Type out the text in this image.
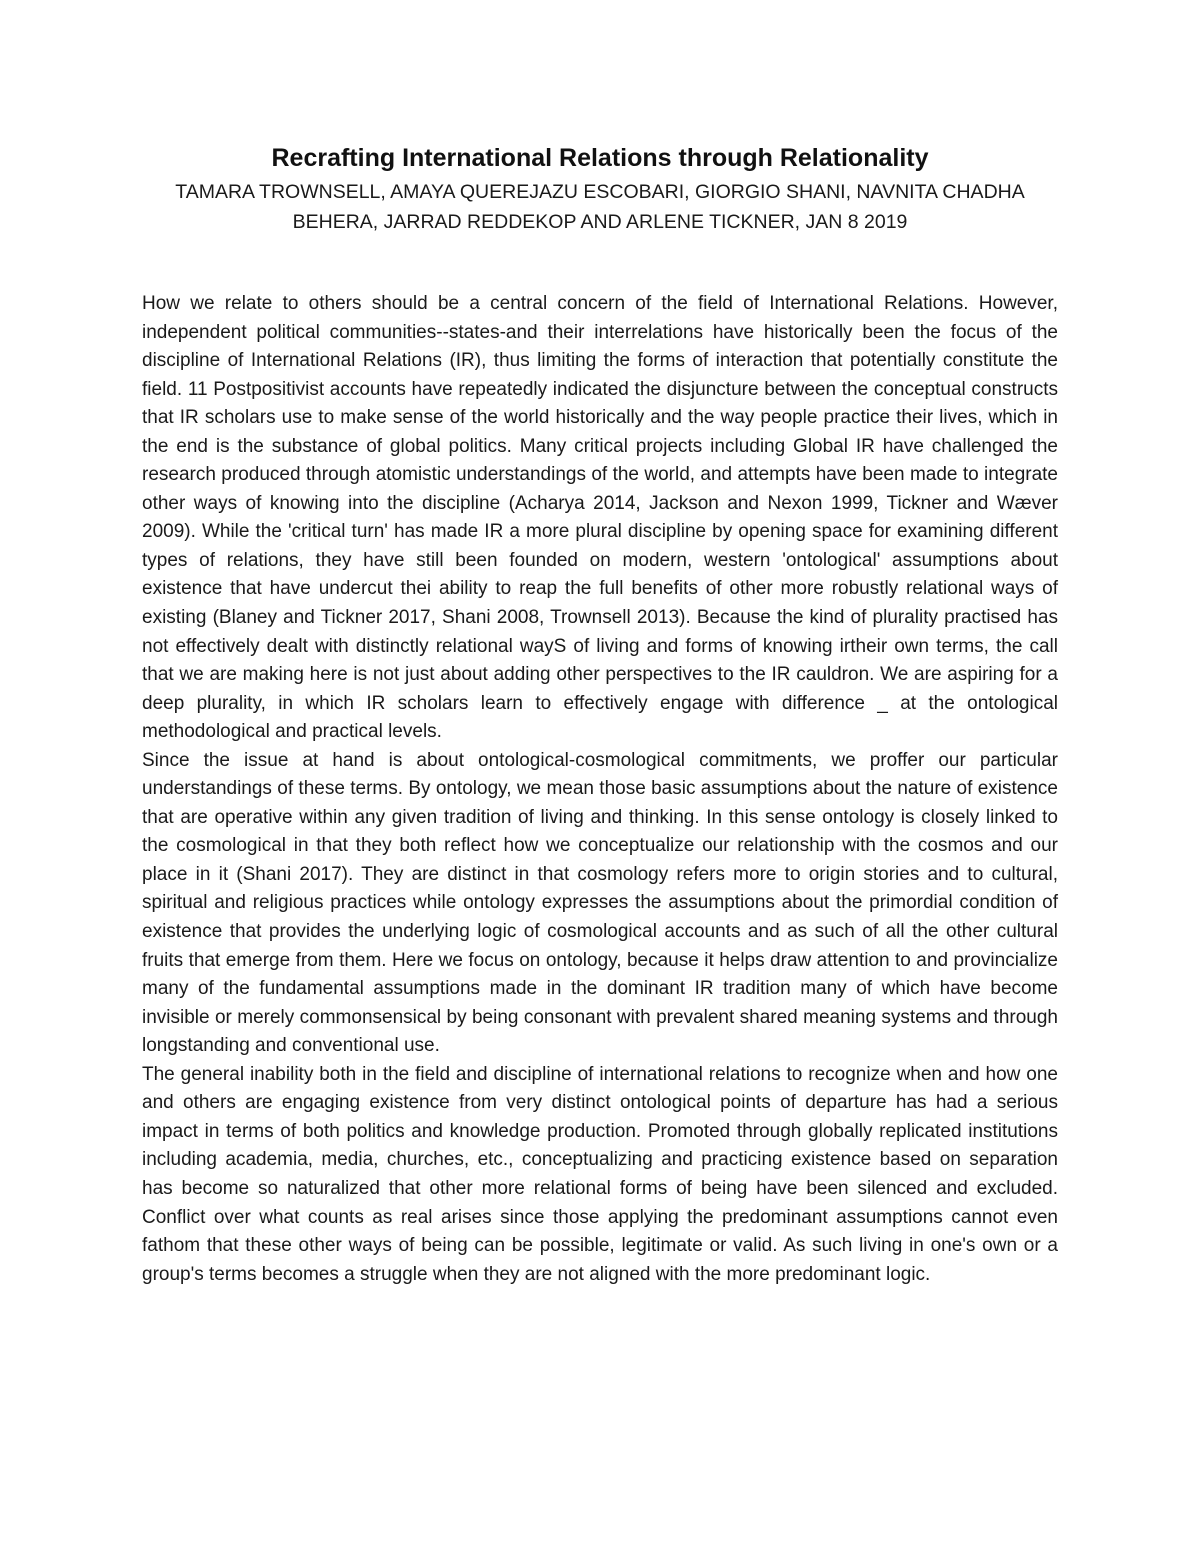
Recrafting International Relations through Relationality

TAMARA TROWNSELL, AMAYA QUEREJAZU ESCOBARI, GIORGIO SHANI, NAVNITA CHADHA BEHERA, JARRAD REDDEKOP AND ARLENE TICKNER, JAN 8 2019

How we relate to others should be a central concern of the field of International Relations. However, independent political communities--states-and their interrelations have historically been the focus of the discipline of International Relations (IR), thus limiting the forms of interaction that potentially constitute the field. 11 Postpositivist accounts have repeatedly indicated the disjuncture between the conceptual constructs that IR scholars use to make sense of the world historically and the way people practice their lives, which in the end is the substance of global politics. Many critical projects including Global IR have challenged the research produced through atomistic understandings of the world, and attempts have been made to integrate other ways of knowing into the discipline (Acharya 2014, Jackson and Nexon 1999, Tickner and Wæver 2009). While the 'critical turn' has made IR a more plural discipline by opening space for examining different types of relations, they have still been founded on modern, western 'ontological' assumptions about existence that have undercut thei ability to reap the full benefits of other more robustly relational ways of existing (Blaney and Tickner 2017, Shani 2008, Trownsell 2013). Because the kind of plurality practised has not effectively dealt with distinctly relational wayS of living and forms of knowing irtheir own terms, the call that we are making here is not just about adding other perspectives to the IR cauldron. We are aspiring for a deep plurality, in which IR scholars learn to effectively engage with difference _ at the ontological methodological and practical levels.

Since the issue at hand is about ontological-cosmological commitments, we proffer our particular understandings of these terms. By ontology, we mean those basic assumptions about the nature of existence that are operative within any given tradition of living and thinking. In this sense ontology is closely linked to the cosmological in that they both reflect how we conceptualize our relationship with the cosmos and our place in it (Shani 2017). They are distinct in that cosmology refers more to origin stories and to cultural, spiritual and religious practices while ontology expresses the assumptions about the primordial condition of existence that provides the underlying logic of cosmological accounts and as such of all the other cultural fruits that emerge from them. Here we focus on ontology, because it helps draw attention to and provincialize many of the fundamental assumptions made in the dominant IR tradition many of which have become invisible or merely commonsensical by being consonant with prevalent shared meaning systems and through longstanding and conventional use.

The general inability both in the field and discipline of international relations to recognize when and how one and others are engaging existence from very distinct ontological points of departure has had a serious impact in terms of both politics and knowledge production. Promoted through globally replicated institutions including academia, media, churches, etc., conceptualizing and practicing existence based on separation has become so naturalized that other more relational forms of being have been silenced and excluded. Conflict over what counts as real arises since those applying the predominant assumptions cannot even fathom that these other ways of being can be possible, legitimate or valid. As such living in one's own or a group's terms becomes a struggle when they are not aligned with the more predominant logic.
